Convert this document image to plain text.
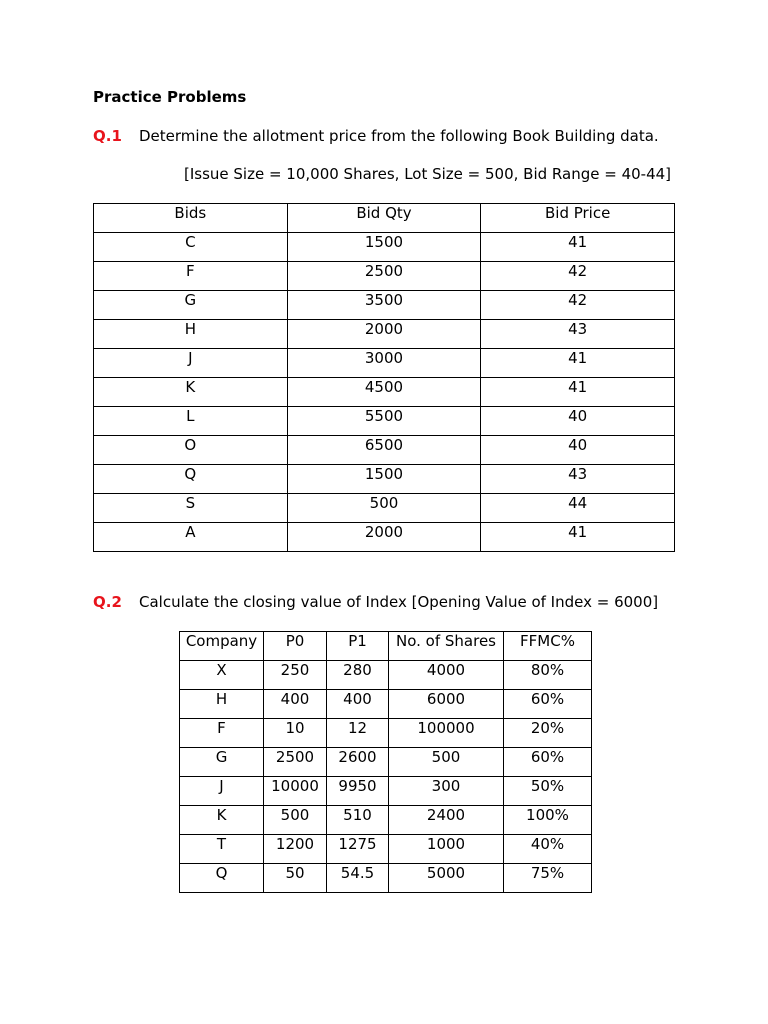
Practice Problems
Q.1 Determine the allotment price from the following Book Building data.
[Issue Size = 10,000 Shares, Lot Size = 500, Bid Range = 40-44]
Bids	Bid Qty	Bid Price
C	1500	41
F	2500	42
G	3500	42
H	2000	43
J	3000	41
K	4500	41
L	5500	40
O	6500	40
Q	1500	43
S	500	44
A	2000	41
Q.2 Calculate the closing value of Index [Opening Value of Index = 6000]
Company	P0	P1	No. of Shares	FFMC%
X	250	280	4000	80%
H	400	400	6000	60%
F	10	12	100000	20%
G	2500	2600	500	60%
J	10000	9950	300	50%
K	500	510	2400	100%
T	1200	1275	1000	40%
Q	50	54.5	5000	75%
